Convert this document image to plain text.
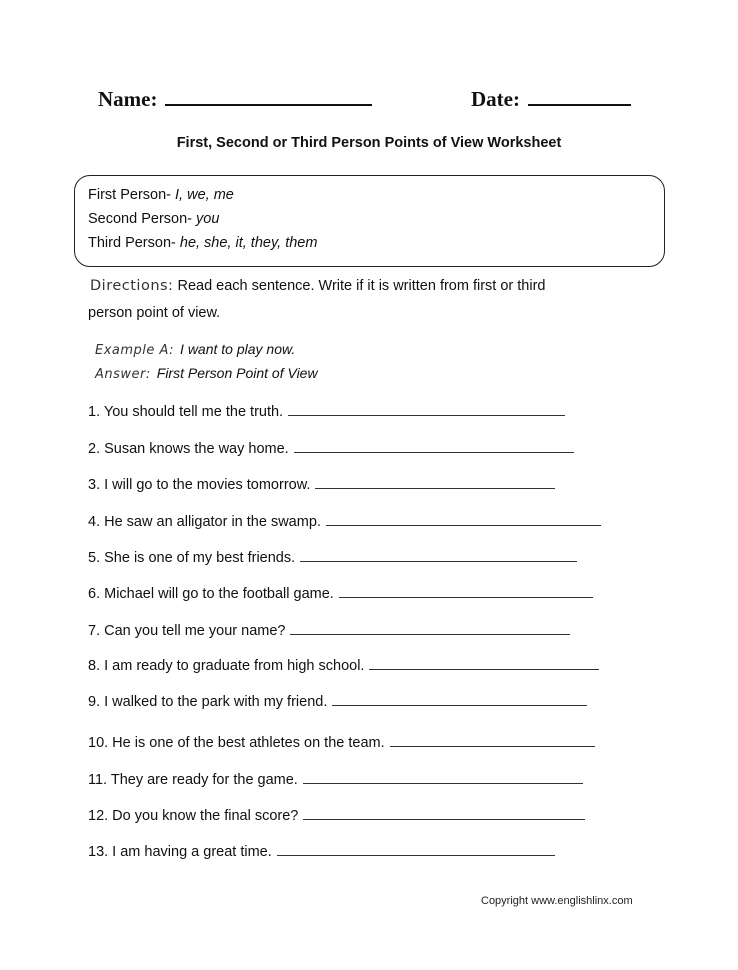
Name:	Date:
First, Second or Third Person Points of View Worksheet
First Person- I, we, me
Second Person- you
Third Person- he, she, it, they, them
Directions: Read each sentence. Write if it is written from first or third
person point of view.
Example A: I want to play now.
Answer: First Person Point of View
1. You should tell me the truth.
2. Susan knows the way home.
3. I will go to the movies tomorrow.
4. He saw an alligator in the swamp.
5. She is one of my best friends.
6. Michael will go to the football game.
7. Can you tell me your name?
8. I am ready to graduate from high school.
9. I walked to the park with my friend.
10. He is one of the best athletes on the team.
11. They are ready for the game.
12. Do you know the final score?
13. I am having a great time.
Copyright www.englishlinx.com
